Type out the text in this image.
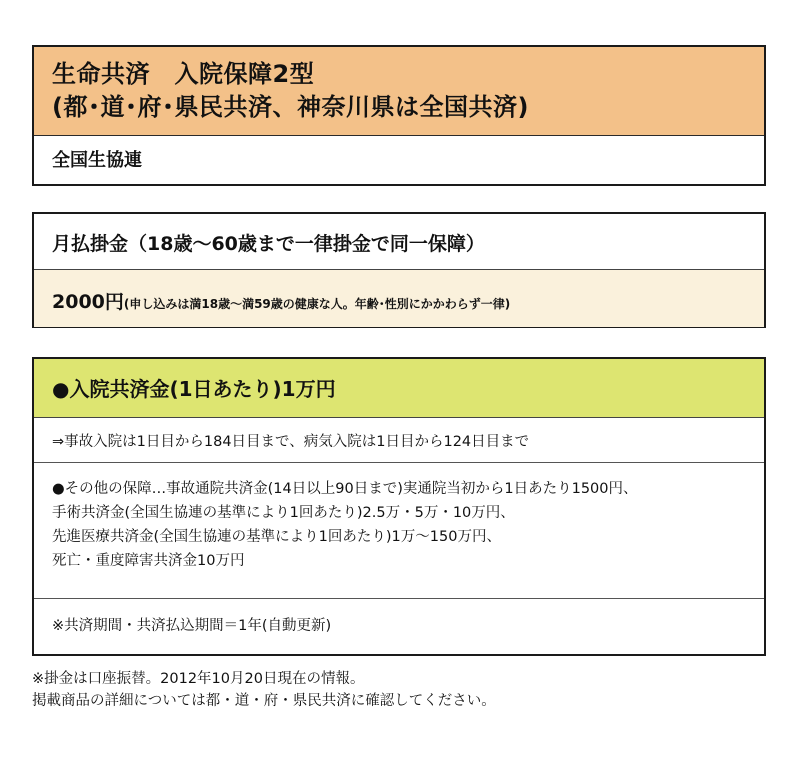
生命共済　入院保障2型
(都･道･府･県民共済、神奈川県は全国共済)
全国生協連
月払掛金（18歳〜60歳まで一律掛金で同一保障）
2000円(申し込みは満18歳〜満59歳の健康な人。年齢･性別にかかわらず一律)
●入院共済金(1日あたり)1万円
⇒事故入院は1日目から184日目まで、病気入院は1日目から124日目まで
●その他の保障…事故通院共済金(14日以上90日まで)実通院当初から1日あたり1500円、
手術共済金(全国生協連の基準により1回あたり)2.5万・5万・10万円、
先進医療共済金(全国生協連の基準により1回あたり)1万〜150万円、
死亡・重度障害共済金10万円
※共済期間・共済払込期間＝1年(自動更新)
※掛金は口座振替。2012年10月20日現在の情報。
掲載商品の詳細については都・道・府・県民共済に確認してください。
